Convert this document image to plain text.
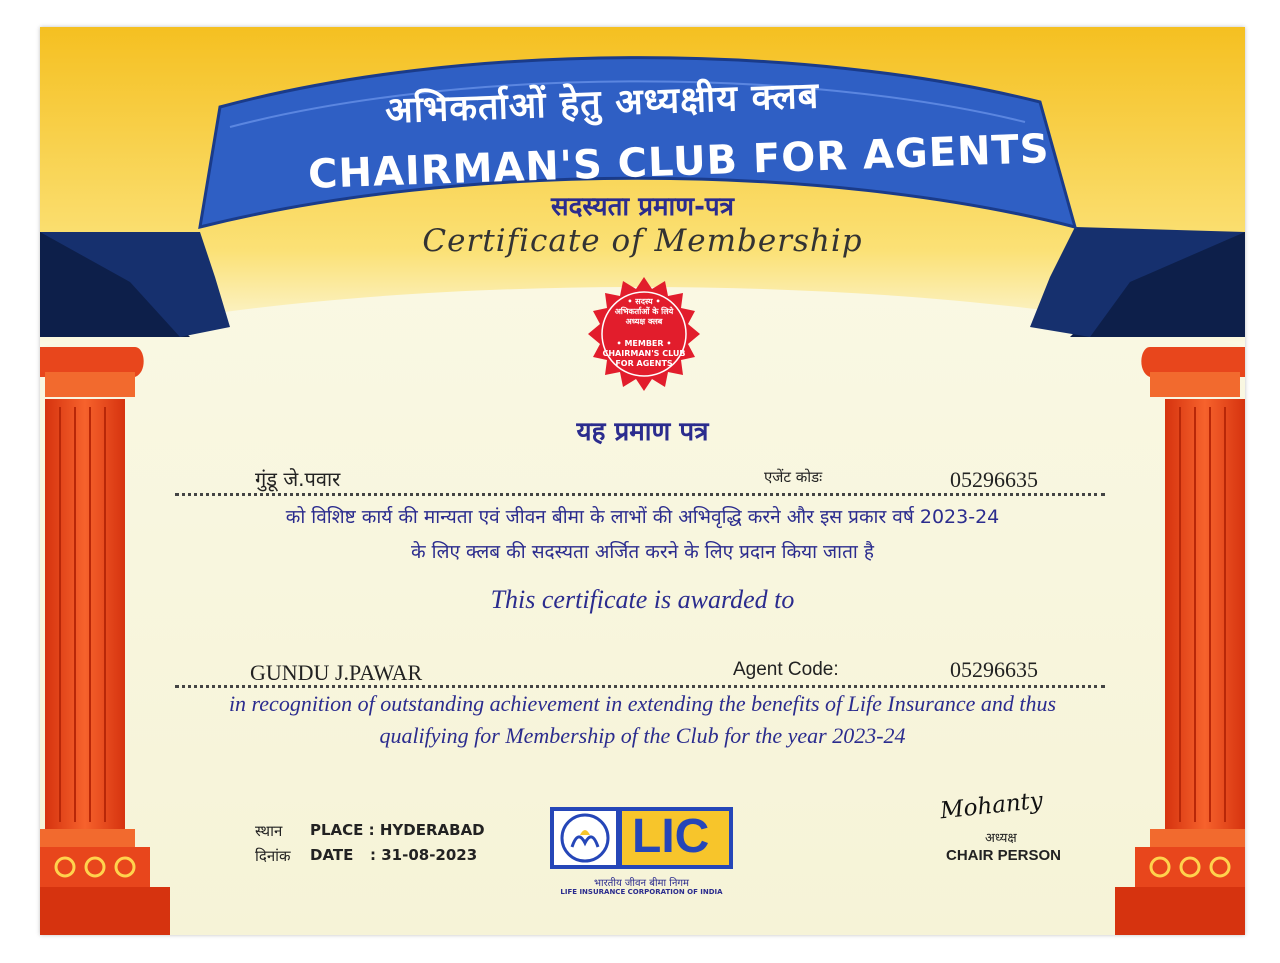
अभिकर्ताओं हेतु अध्यक्षीय क्लब

CHAIRMAN'S CLUB FOR AGENTS

सदस्यता प्रमाण-पत्र

Certificate of Membership

• सदस्य •
अभिकर्ताओं के लिये
अध्यक्ष क्लब
• MEMBER •
CHAIRMAN'S CLUB
FOR AGENTS

यह प्रमाण पत्र

गुंडू जे.पवार	एजेंट कोडः	05296635

को विशिष्ट कार्य की मान्यता एवं जीवन बीमा के लाभों की अभिवृद्धि करने और इस प्रकार वर्ष 2023-24

के लिए क्लब की सदस्यता अर्जित करने के लिए प्रदान किया जाता है

This certificate is awarded to

GUNDU J.PAWAR	Agent Code:	05296635

in recognition of outstanding achievement in extending the benefits of Life Insurance and thus

qualifying for Membership of the Club for the year 2023-24

स्थान PLACE : HYDERABAD

दिनांक DATE : 31-08-2023	LIC

भारतीय जीवन बीमा निगम

LIFE INSURANCE CORPORATION OF INDIA

Mohanty

अध्यक्ष

CHAIR PERSON
